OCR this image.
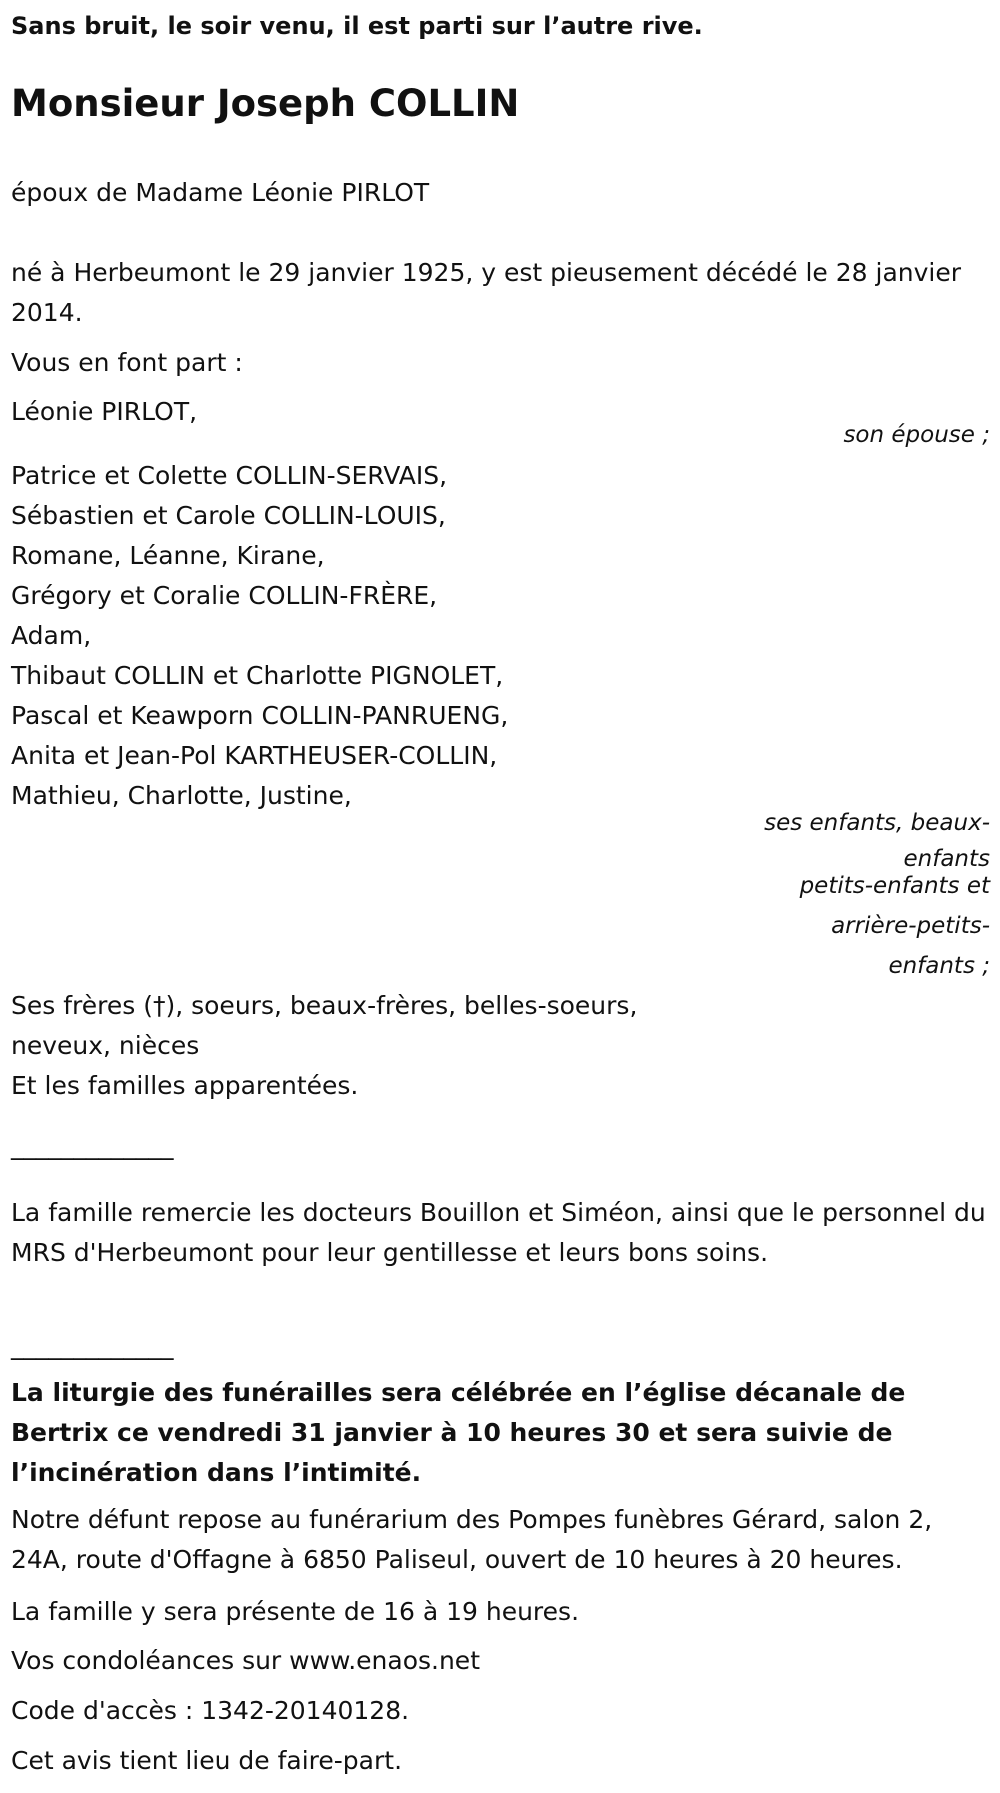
Sans bruit, le soir venu, il est parti sur l’autre rive.

Monsieur Joseph COLLIN

époux de Madame Léonie PIRLOT

né à Herbeumont le 29 janvier 1925, y est pieusement décédé le 28 janvier 2014.

Vous en font part :

Léonie PIRLOT,

son épouse ;

Patrice et Colette COLLIN-SERVAIS,

Sébastien et Carole COLLIN-LOUIS,

Romane, Léanne, Kirane,

Grégory et Coralie COLLIN-FRÈRE,

Adam,

Thibaut COLLIN et Charlotte PIGNOLET,

Pascal et Keawporn COLLIN-PANRUENG,

Anita et Jean-Pol KARTHEUSER-COLLIN,

Mathieu, Charlotte, Justine,

ses enfants, beaux-

enfants

petits-enfants et

arrière-petits-

enfants ;

Ses frères (†), soeurs, beaux-frères, belles-soeurs,

neveux, nièces

Et les familles apparentées.

_____________

La famille remercie les docteurs Bouillon et Siméon, ainsi que le personnel du MRS d'Herbeumont pour leur gentillesse et leurs bons soins.

_____________

La liturgie des funérailles sera célébrée en l’église décanale de Bertrix ce vendredi 31 janvier à 10 heures 30 et sera suivie de l’incinération dans l’intimité.

Notre défunt repose au funérarium des Pompes funèbres Gérard, salon 2, 24A, route d'Offagne à 6850 Paliseul, ouvert de 10 heures à 20 heures.

La famille y sera présente de 16 à 19 heures.

Vos condoléances sur www.enaos.net

Code d'accès : 1342-20140128.

Cet avis tient lieu de faire-part.
